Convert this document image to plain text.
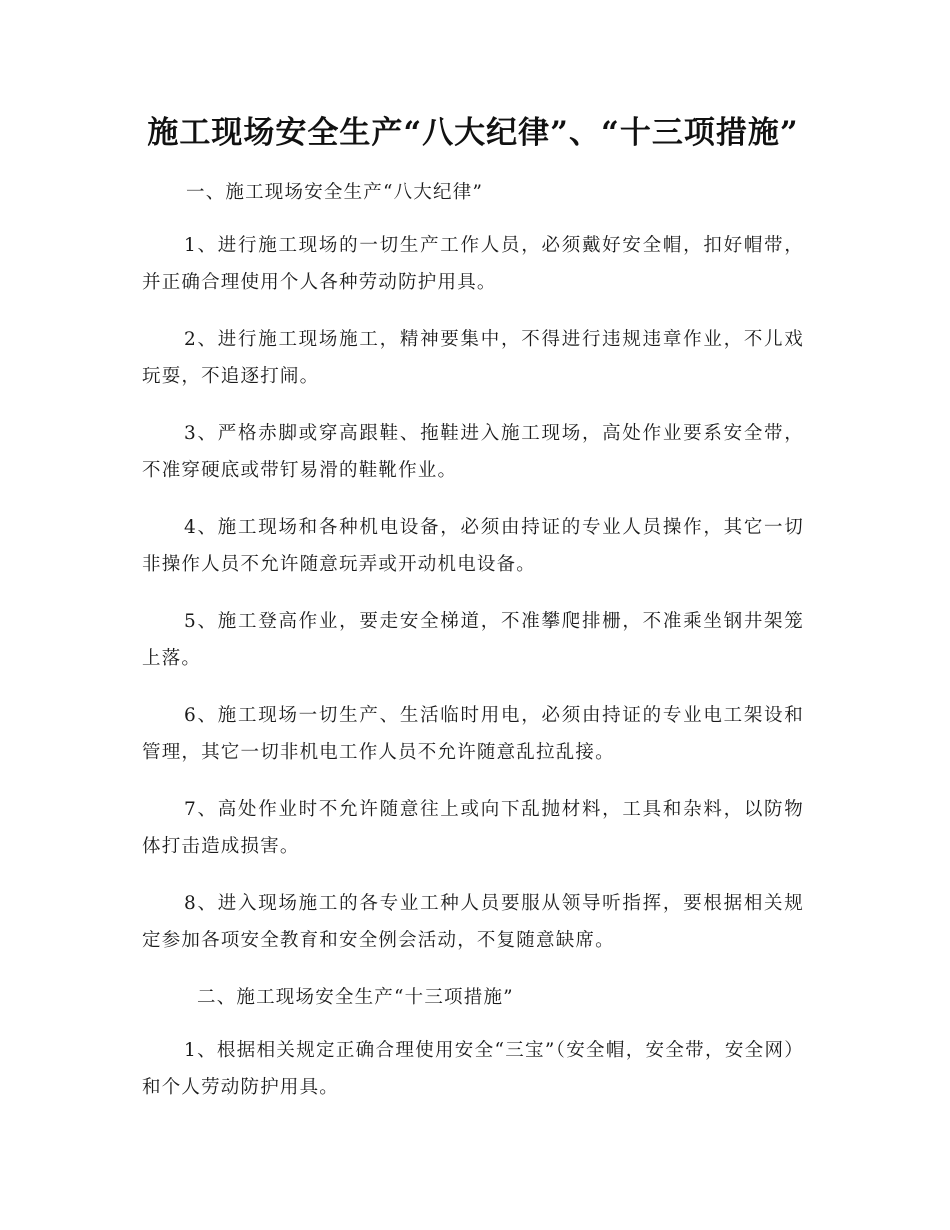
施工现场安全生产“八大纪律”、“十三项措施”

一、施工现场安全生产“八大纪律”

1、进行施工现场的一切生产工作人员，必须戴好安全帽，扣好帽带，并正确合理使用个人各种劳动防护用具。

2、进行施工现场施工，精神要集中，不得进行违规违章作业，不儿戏玩耍，不追逐打闹。

3、严格赤脚或穿高跟鞋、拖鞋进入施工现场，高处作业要系安全带，不准穿硬底或带钉易滑的鞋靴作业。

4、施工现场和各种机电设备，必须由持证的专业人员操作，其它一切非操作人员不允许随意玩弄或开动机电设备。

5、施工登高作业，要走安全梯道，不准攀爬排栅，不准乘坐钢井架笼上落。

6、施工现场一切生产、生活临时用电，必须由持证的专业电工架设和管理，其它一切非机电工作人员不允许随意乱拉乱接。

7、高处作业时不允许随意往上或向下乱抛材料，工具和杂料，以防物体打击造成损害。

8、进入现场施工的各专业工种人员要服从领导听指挥，要根据相关规定参加各项安全教育和安全例会活动，不复随意缺席。

二、施工现场安全生产“十三项措施”

1、根据相关规定正确合理使用安全“三宝”（安全帽，安全带，安全网）和个人劳动防护用具。
